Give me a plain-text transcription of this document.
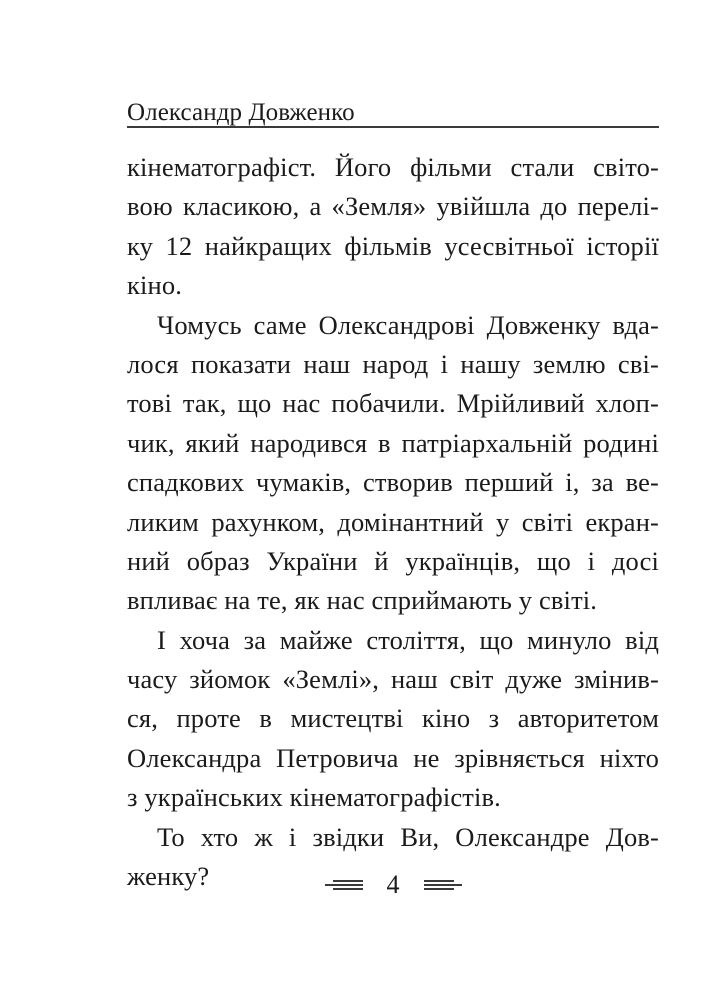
Олександр Довженко
кінематографіст. Його фільми стали світо-
вою класикою, а «Земля» увійшла до перелі-
ку 12 найкращих фільмів усесвітньої історії
кіно.
Чомусь саме Олександрові Довженку вда-
лося показати наш народ і нашу землю сві-
тові так, що нас побачили. Мрійливий хлоп-
чик, який народився в патріархальній родині
спадкових чумаків, створив перший і, за ве-
ликим рахунком, домінантний у світі екран-
ний образ України й українців, що і досі
впливає на те, як нас сприймають у світі.
І хоча за майже століття, що минуло від
часу зйомок «Землі», наш світ дуже змінив-
ся, проте в мистецтві кіно з авторитетом
Олександра Петровича не зрівняється ніхто
з українських кінематографістів.
То хто ж і звідки Ви, Олександре Дов-
женку?	4
